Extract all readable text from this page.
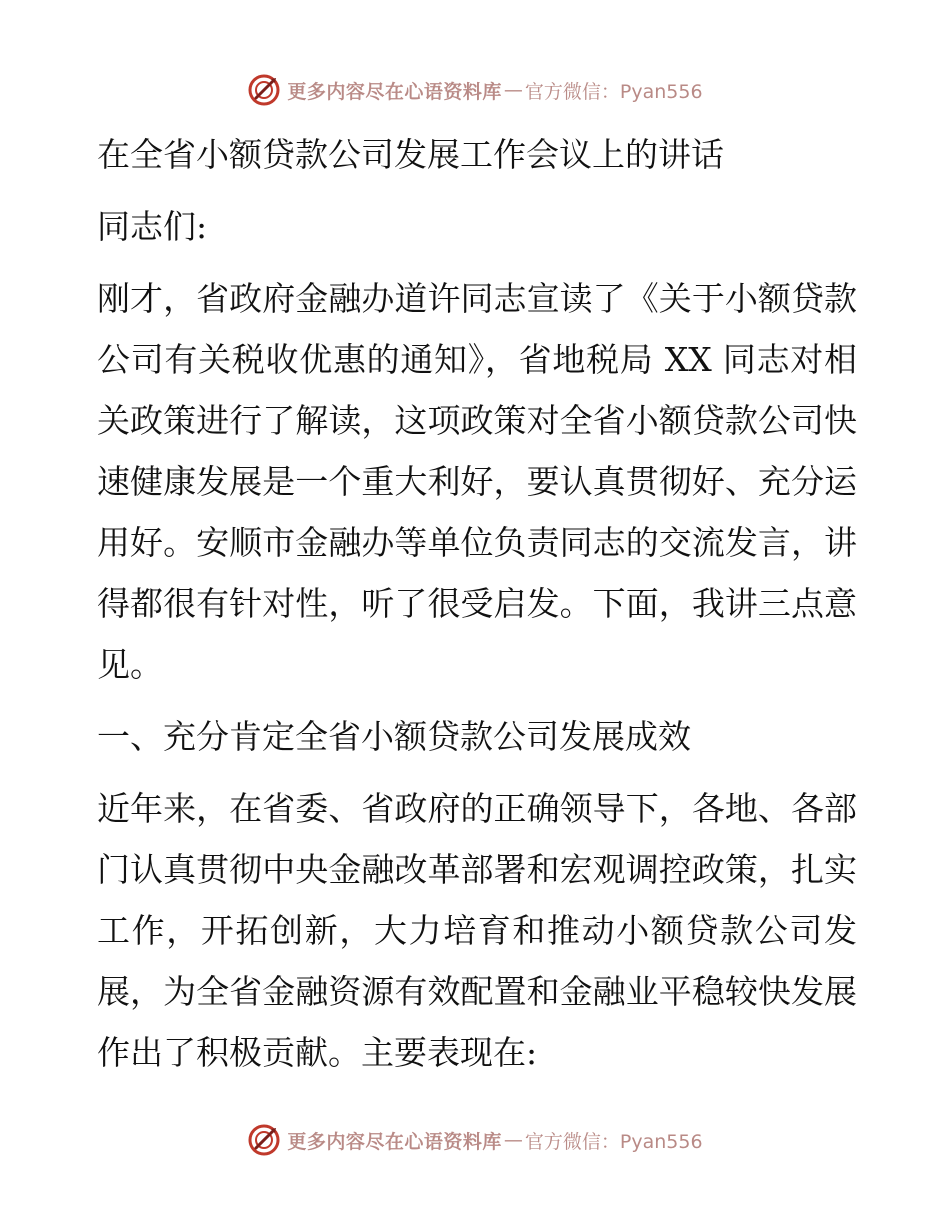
更多内容尽在心语资料库 — 官方微信：Pyan556

在全省小额贷款公司发展工作会议上的讲话

同志们:

刚才，省政府金融办道许同志宣读了《关于小额贷款公司有关税收优惠的通知》，省地税局 XX 同志对相关政策进行了解读，这项政策对全省小额贷款公司快速健康发展是一个重大利好，要认真贯彻好、充分运用好。安顺市金融办等单位负责同志的交流发言，讲得都很有针对性，听了很受启发。下面，我讲三点意见。

一、充分肯定全省小额贷款公司发展成效

近年来，在省委、省政府的正确领导下，各地、各部门认真贯彻中央金融改革部署和宏观调控政策，扎实工作，开拓创新，大力培育和推动小额贷款公司发展，为全省金融资源有效配置和金融业平稳较快发展作出了积极贡献。主要表现在:

更多内容尽在心语资料库 — 官方微信：Pyan556
